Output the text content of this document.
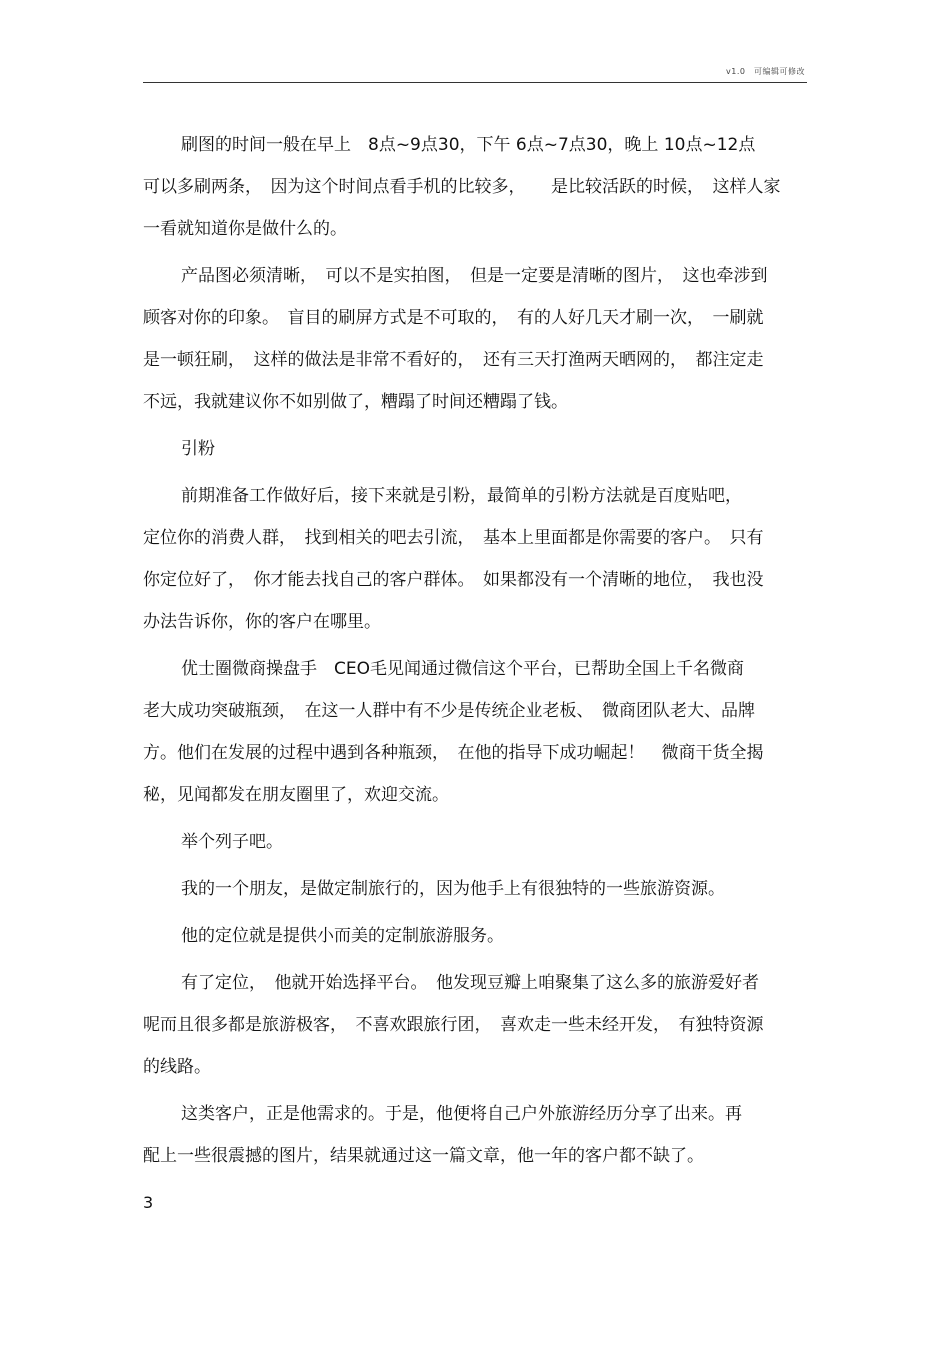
v1.0　可编辑可修改
刷图的时间一般在早上　8点~9点30，下午 6点~7点30，晚上 10点~12点
可以多刷两条，　因为这个时间点看手机的比较多，　　是比较活跃的时候，　这样人家
一看就知道你是做什么的。
产品图必须清晰，　可以不是实拍图，　但是一定要是清晰的图片，　这也牵涉到
顾客对你的印象。　盲目的刷屏方式是不可取的，　有的人好几天才刷一次，　一刷就
是一顿狂刷，　这样的做法是非常不看好的，　还有三天打渔两天晒网的，　都注定走
不远，我就建议你不如别做了，糟蹋了时间还糟蹋了钱。
引粉
前期准备工作做好后，接下来就是引粉，最简单的引粉方法就是百度贴吧，
定位你的消费人群，　找到相关的吧去引流，　基本上里面都是你需要的客户。　只有
你定位好了，　你才能去找自己的客户群体。　如果都没有一个清晰的地位，　我也没
办法告诉你，你的客户在哪里。
优士圈微商操盘手　CEO毛见闻通过微信这个平台，已帮助全国上千名微商
老大成功突破瓶颈，　在这一人群中有不少是传统企业老板、　微商团队老大、品牌
方。他们在发展的过程中遇到各种瓶颈，　在他的指导下成功崛起！　微商干货全揭
秘，见闻都发在朋友圈里了，欢迎交流。
举个列子吧。
我的一个朋友，是做定制旅行的，因为他手上有很独特的一些旅游资源。
他的定位就是提供小而美的定制旅游服务。
有了定位，　他就开始选择平台。　他发现豆瓣上咱聚集了这么多的旅游爱好者
呢而且很多都是旅游极客，　不喜欢跟旅行团，　喜欢走一些未经开发，　有独特资源
的线路。
这类客户，正是他需求的。于是，他便将自己户外旅游经历分享了出来。再
配上一些很震撼的图片，结果就通过这一篇文章，他一年的客户都不缺了。
3
